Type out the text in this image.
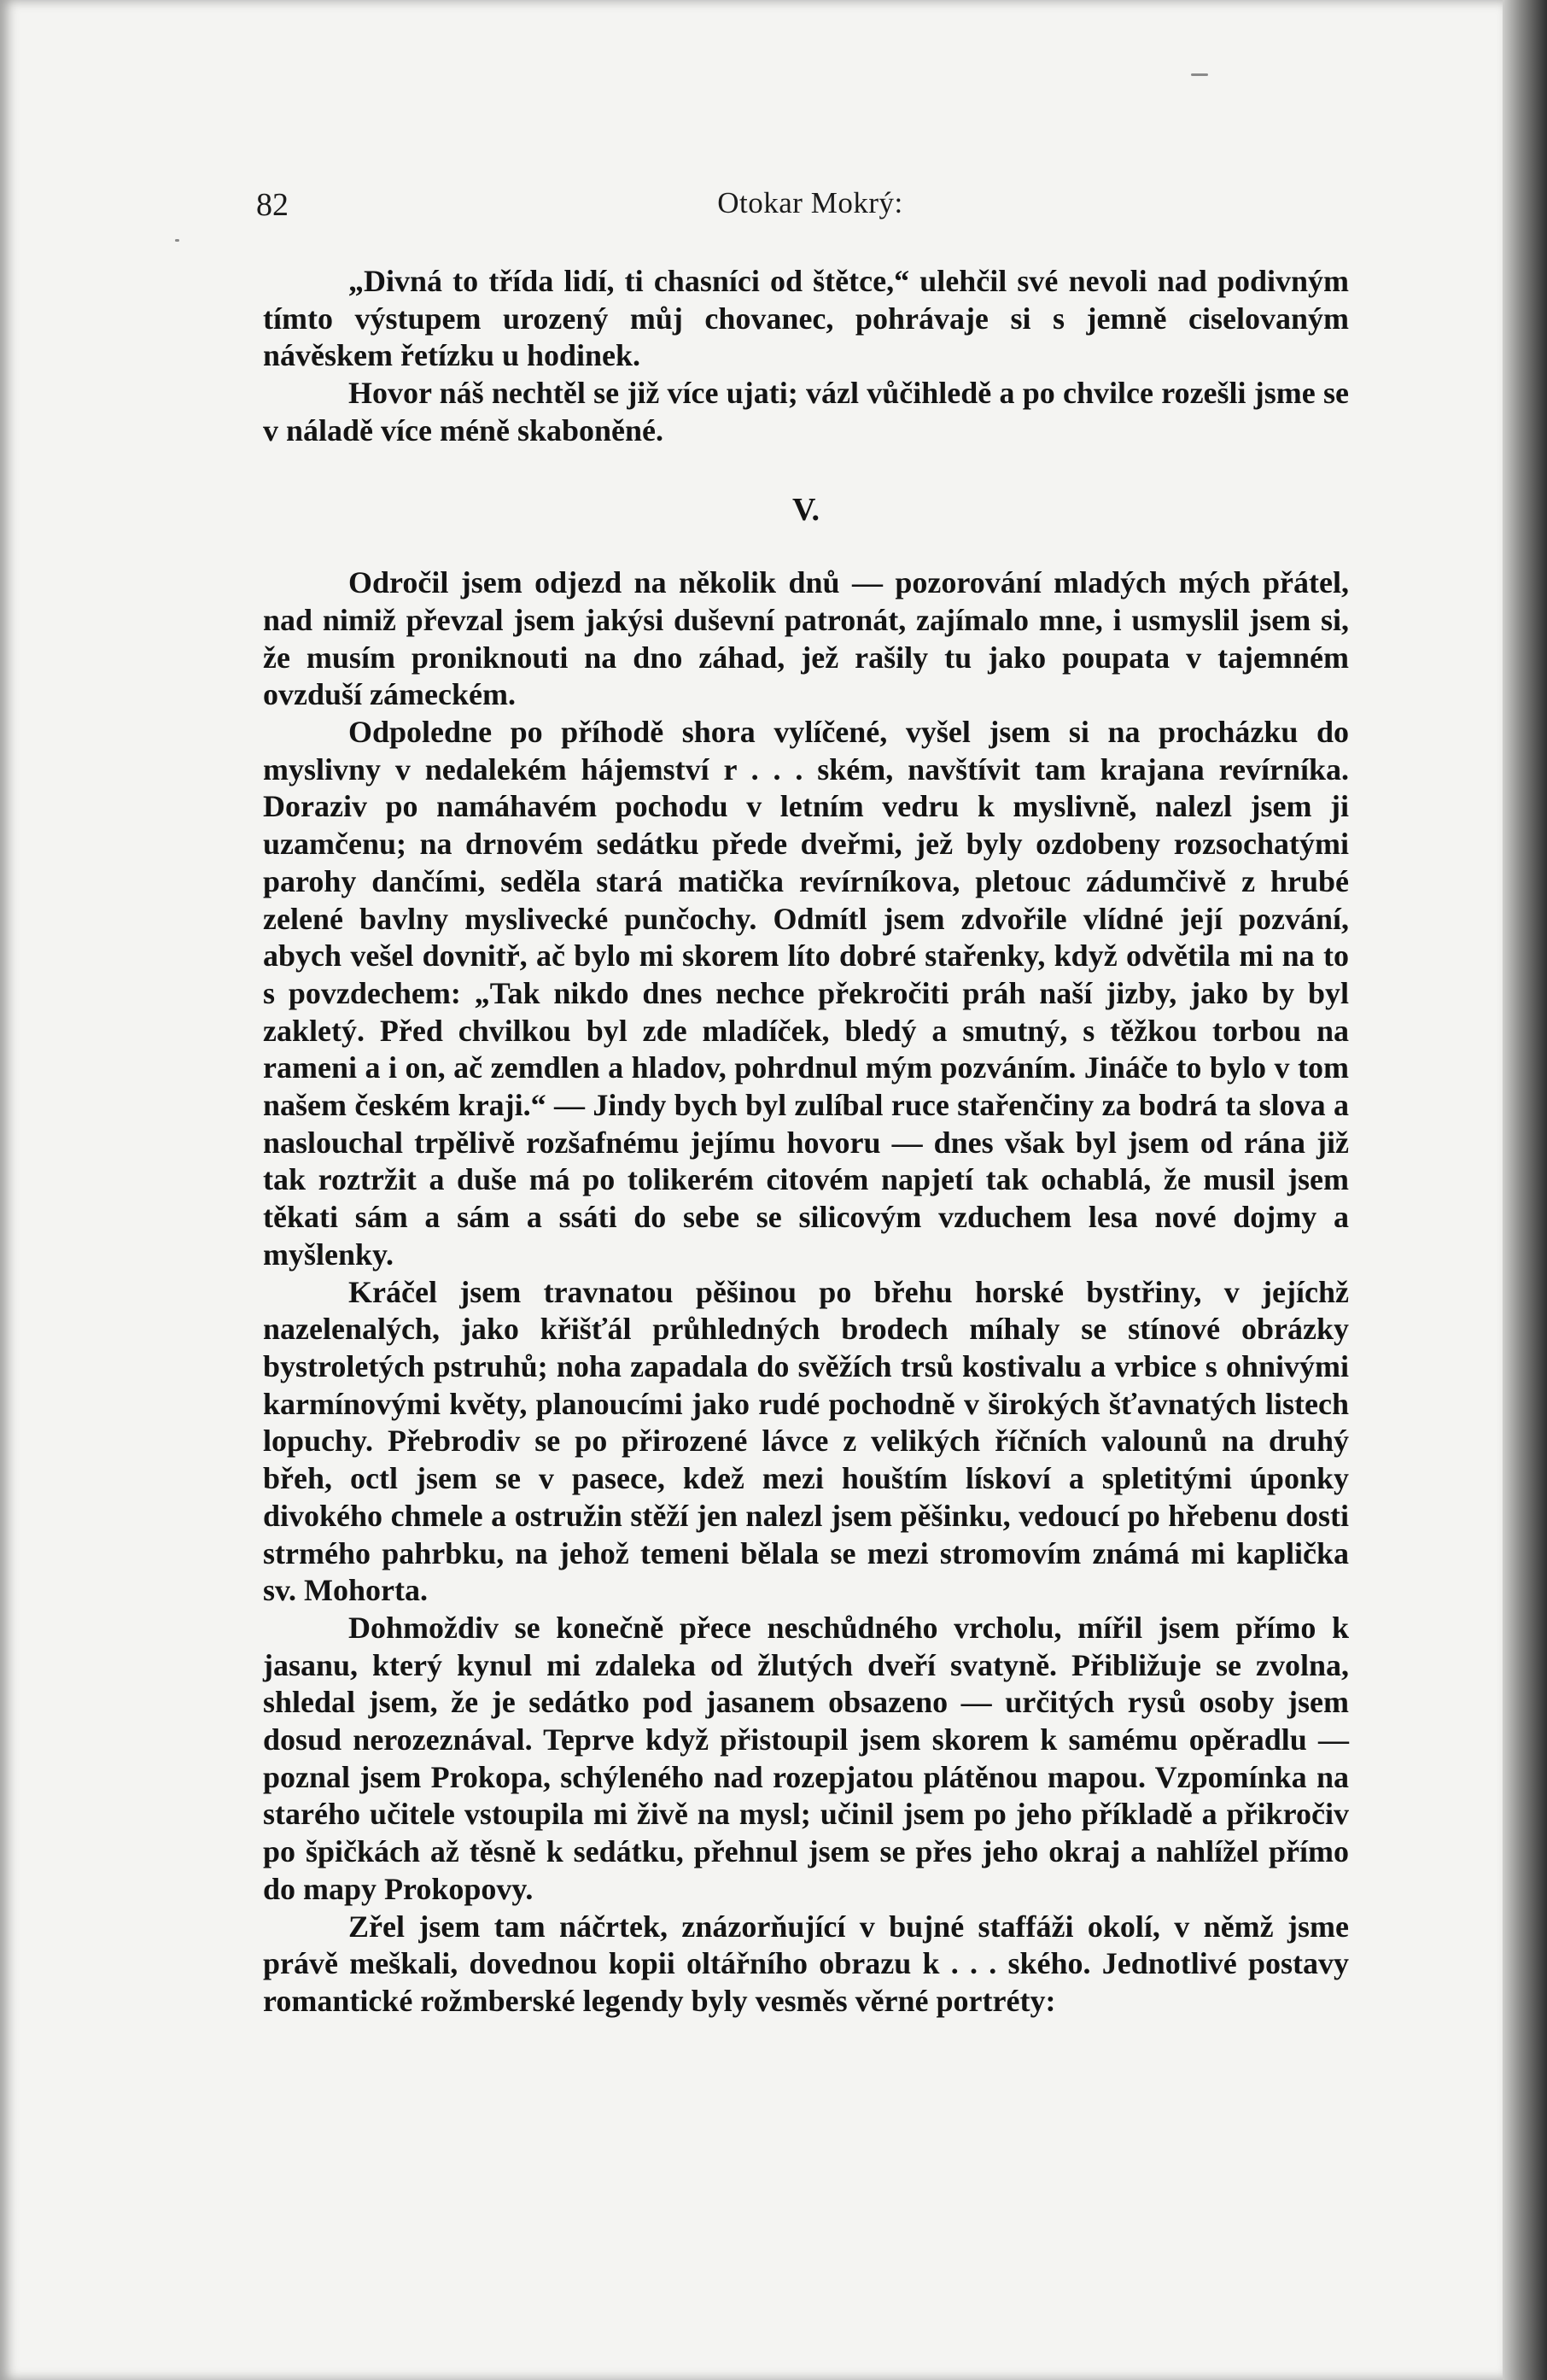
82	Otokar Mokrý:

„Divná to třída lidí, ti chasníci od štětce,“ ulehčil své nevoli nad podivným tímto výstupem urozený můj chovanec, pohrávaje si s jemně ciselovaným návěskem řetízku u hodinek.

Hovor náš nechtěl se již více ujati; vázl vůčihledě a po chvilce rozešli jsme se v náladě více méně skaboněné.

V.

Odročil jsem odjezd na několik dnů — pozorování mladých mých přátel, nad nimiž převzal jsem jakýsi duševní patronát, zajímalo mne, i usmyslil jsem si, že musím proniknouti na dno záhad, jež rašily tu jako poupata v tajemném ovzduší zámeckém.

Odpoledne po příhodě shora vylíčené, vyšel jsem si na procházku do myslivny v nedalekém hájemství r . . . ském, navštívit tam krajana revírníka. Doraziv po namáhavém pochodu v letním vedru k myslivně, nalezl jsem ji uzamčenu; na drnovém sedátku přede dveřmi, jež byly ozdobeny rozsochatými parohy dančími, seděla stará matička revírníkova, pletouc zádumčivě z hrubé zelené bavlny myslivecké punčochy. Odmítl jsem zdvořile vlídné její pozvání, abych vešel dovnitř, ač bylo mi skorem líto dobré stařenky, když odvětila mi na to s povzdechem: „Tak nikdo dnes nechce překročiti práh naší jizby, jako by byl zakletý. Před chvilkou byl zde mladíček, bledý a smutný, s těžkou torbou na rameni a i on, ač zemdlen a hladov, pohrdnul mým pozváním. Jináče to bylo v tom našem českém kraji.“ — Jindy bych byl zulíbal ruce stařenčiny za bodrá ta slova a naslouchal trpělivě rozšafnému jejímu hovoru — dnes však byl jsem od rána již tak roztržit a duše má po tolikerém citovém napjetí tak ochablá, že musil jsem těkati sám a sám a ssáti do sebe se silicovým vzduchem lesa nové dojmy a myšlenky.

Kráčel jsem travnatou pěšinou po břehu horské bystřiny, v jejíchž nazelenalých, jako křišťál průhledných brodech míhaly se stínové obrázky bystroletých pstruhů; noha zapadala do svěžích trsů kostivalu a vrbice s ohnivými karmínovými květy, planoucími jako rudé pochodně v širokých šťavnatých listech lopuchy. Přebrodiv se po přirozené lávce z velikých říčních valounů na druhý břeh, octl jsem se v pasece, kdež mezi houštím lískoví a spletitými úponky divokého chmele a ostružin stěží jen nalezl jsem pěšinku, vedoucí po hřebenu dosti strmého pahrbku, na jehož temeni bělala se mezi stromovím známá mi kaplička sv. Mohorta.

Dohmoždiv se konečně přece neschůdného vrcholu, mířil jsem přímo k jasanu, který kynul mi zdaleka od žlutých dveří svatyně. Přibližuje se zvolna, shledal jsem, že je sedátko pod jasanem obsazeno — určitých rysů osoby jsem dosud nerozeznával. Teprve když přistoupil jsem skorem k samému opěradlu — poznal jsem Prokopa, schýleného nad rozepjatou plátěnou mapou. Vzpomínka na starého učitele vstoupila mi živě na mysl; učinil jsem po jeho příkladě a přikročiv po špičkách až těsně k sedátku, přehnul jsem se přes jeho okraj a nahlížel přímo do mapy Prokopovy.

Zřel jsem tam náčrtek, znázorňující v bujné staffáži okolí, v němž jsme právě meškali, dovednou kopii oltářního obrazu k . . . ského. Jednotlivé postavy romantické rožmberské legendy byly vesměs věrné portréty:
